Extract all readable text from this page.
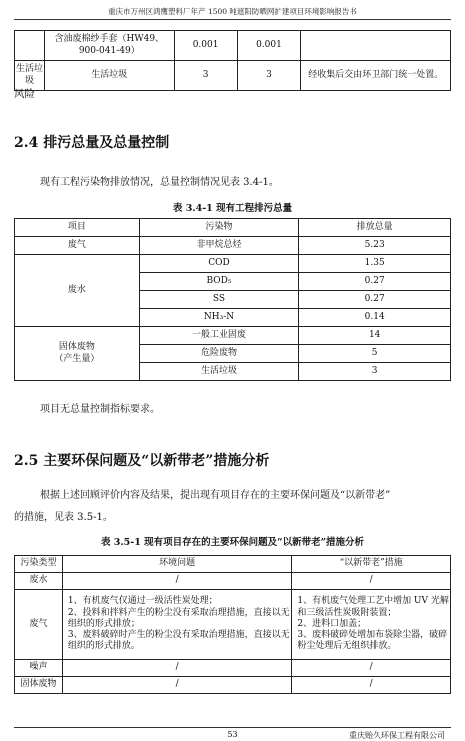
重庆市万州区鸿鹰塑料厂年产 1500 吨遮阳防晒网扩建项目环境影响报告书
	含油废棉纱手套（HW49、900-041-49）	0.001	0.001	
生活垃圾	生活垃圾	3	3	经收集后交由环卫部门统一处置。
风险
2.4 排污总量及总量控制
现有工程污染物排放情况，总量控制情况见表 3.4-1。
表 3.4-1 现有工程排污总量
项目	污染物	排放总量
废气	非甲烷总烃	5.23
废水	COD	1.35
	BOD₅	0.27
	SS	0.27
	NH₃-N	0.14
固体废物
（产生量）	一般工业固废	14
	危险废物	5
	生活垃圾	3
项目无总量控制指标要求。
2.5 主要环保问题及“以新带老”措施分析
根据上述回顾评价内容及结果，提出现有项目存在的主要环保问题及“以新带老”
的措施，见表 3.5-1。
表 3.5-1 现有项目存在的主要环保问题及“以新带老”措施分析
污染类型	环境问题	“以新带老”措施
废水	/	/
废气	1、有机废气仅通过一级活性炭处理；
2、投料和拌料产生的粉尘没有采取治理措施，直接以无组织的形式排放；
3、废料破碎时产生的粉尘没有采取治理措施，直接以无组织的形式排放。	1、有机废气处理工艺中增加 UV 光解和三级活性炭吸附装置；
2、进料口加盖；
3、废料破碎处增加布袋除尘器，破碎粉尘处理后无组织排放。
噪声	/	/
固体废物	/	/
53	重庆贻久环保工程有限公司
